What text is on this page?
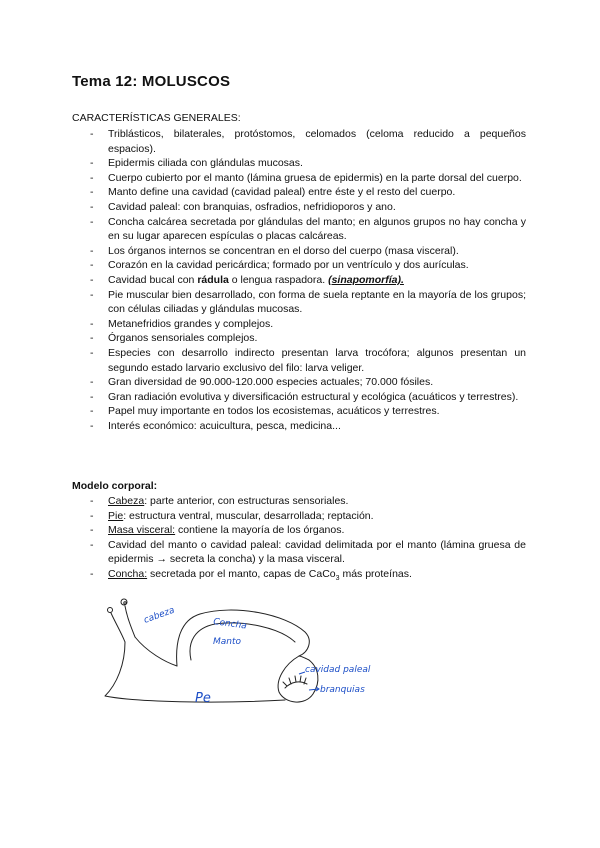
Tema 12: MOLUSCOS

CARACTERÍSTICAS GENERALES:

- Triblásticos, bilaterales, protóstomos, celomados (celoma reducido a pequeños espacios).
- Epidermis ciliada con glándulas mucosas.
- Cuerpo cubierto por el manto (lámina gruesa de epidermis) en la parte dorsal del cuerpo.
- Manto define una cavidad (cavidad paleal) entre éste y el resto del cuerpo.
- Cavidad paleal: con branquias, osfradios, nefridioporos y ano.
- Concha calcárea secretada por glándulas del manto; en algunos grupos no hay concha y en su lugar aparecen espículas o placas calcáreas.
- Los órganos internos se concentran en el dorso del cuerpo (masa visceral).
- Corazón en la cavidad pericárdica; formado por un ventrículo y dos aurículas.
- Cavidad bucal con rádula o lengua raspadora. (sinapomorfía).
- Pie muscular bien desarrollado, con forma de suela reptante en la mayoría de los grupos; con células ciliadas y glándulas mucosas.
- Metanefridios grandes y complejos.
- Órganos sensoriales complejos.
- Especies con desarrollo indirecto presentan larva trocófora; algunos presentan un segundo estado larvario exclusivo del filo: larva veliger.
- Gran diversidad de 90.000-120.000 especies actuales; 70.000 fósiles.
- Gran radiación evolutiva y diversificación estructural y ecológica (acuáticos y terrestres).
- Papel muy importante en todos los ecosistemas, acuáticos y terrestres.
- Interés económico: acuicultura, pesca, medicina...

Modelo corporal:

- Cabeza: parte anterior, con estructuras sensoriales.
- Pie: estructura ventral, muscular, desarrollada; reptación.
- Masa visceral: contiene la mayoría de los órganos.
- Cavidad del manto o cavidad paleal: cavidad delimitada por el manto (lámina gruesa de epidermis → secreta la concha) y la masa visceral.
- Concha: secretada por el manto, capas de CaCo$_3$ más proteínas.
cabeza	Concha
Manto
cavidad paleal
branquias
Pe
